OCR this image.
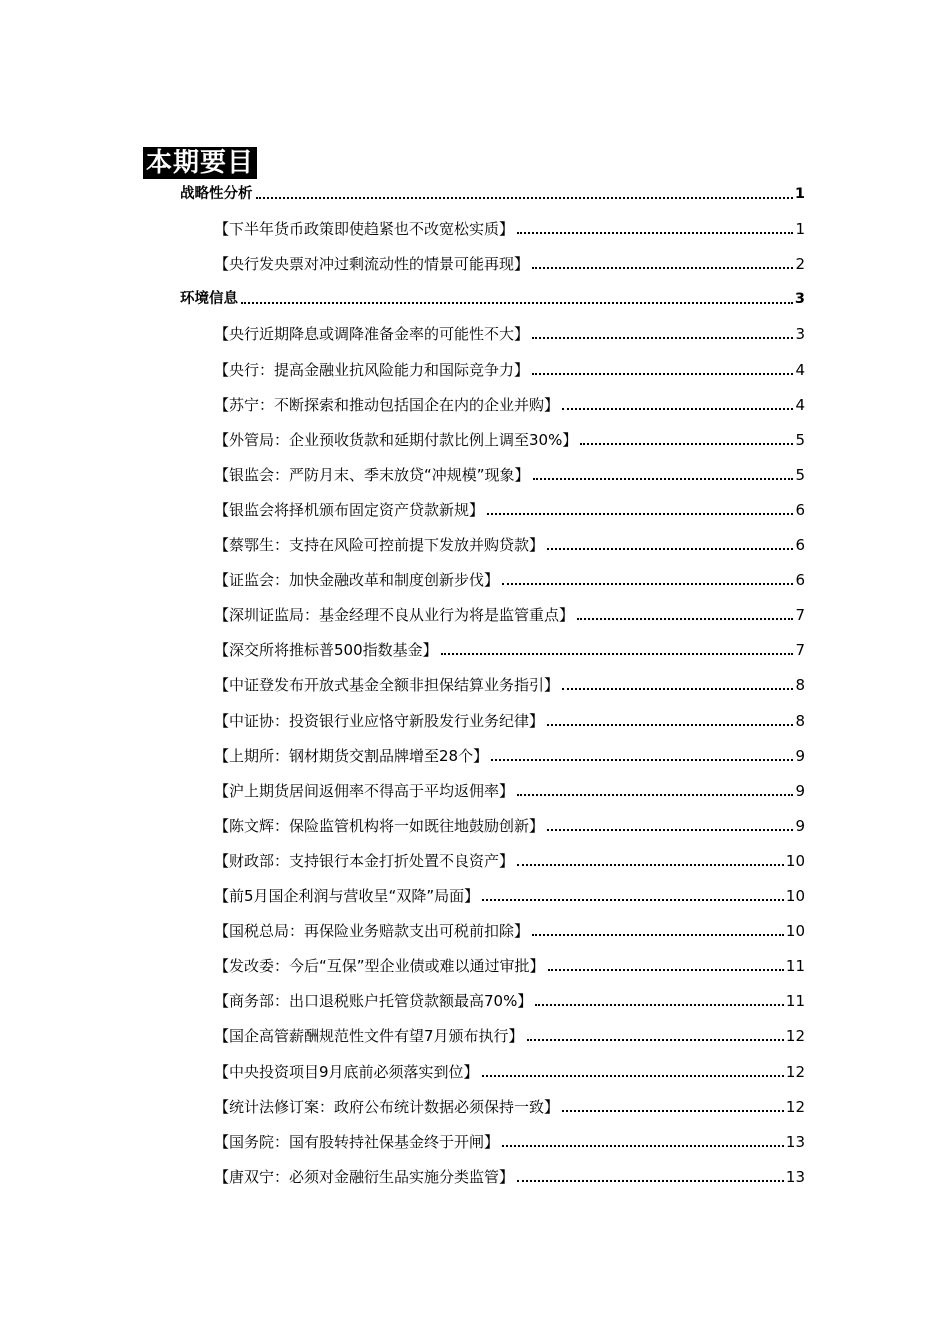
本期要目
战略性分析	1
【下半年货币政策即使趋紧也不改宽松实质】	1
【央行发央票对冲过剩流动性的情景可能再现】	2
环境信息	3
【央行近期降息或调降准备金率的可能性不大】	3
【央行：提高金融业抗风险能力和国际竞争力】	4
【苏宁：不断探索和推动包括国企在内的企业并购】	4
【外管局：企业预收货款和延期付款比例上调至30%】	5
【银监会：严防月末、季末放贷“冲规模”现象】	5
【银监会将择机颁布固定资产贷款新规】	6
【蔡鄂生：支持在风险可控前提下发放并购贷款】	6
【证监会：加快金融改革和制度创新步伐】	6
【深圳证监局：基金经理不良从业行为将是监管重点】	7
【深交所将推标普500指数基金】	7
【中证登发布开放式基金全额非担保结算业务指引】	8
【中证协：投资银行业应恪守新股发行业务纪律】	8
【上期所：钢材期货交割品牌增至28个】	9
【沪上期货居间返佣率不得高于平均返佣率】	9
【陈文辉：保险监管机构将一如既往地鼓励创新】	9
【财政部：支持银行本金打折处置不良资产】	10
【前5月国企利润与营收呈“双降”局面】	10
【国税总局：再保险业务赔款支出可税前扣除】	10
【发改委：今后“互保”型企业债或难以通过审批】	11
【商务部：出口退税账户托管贷款额最高70%】	11
【国企高管薪酬规范性文件有望7月颁布执行】	12
【中央投资项目9月底前必须落实到位】	12
【统计法修订案：政府公布统计数据必须保持一致】	12
【国务院：国有股转持社保基金终于开闸】	13
【唐双宁：必须对金融衍生品实施分类监管】	13
